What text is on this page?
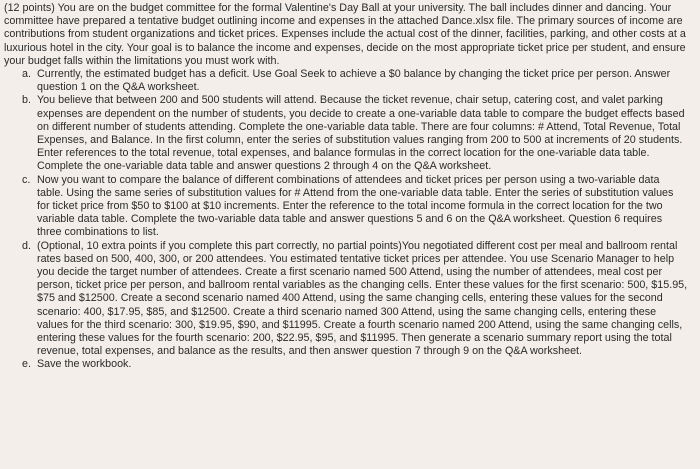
(12 points) You are on the budget committee for the formal Valentine's Day Ball at your university. The ball includes dinner and dancing. Your committee have prepared a tentative budget outlining income and expenses in the attached Dance.xlsx file. The primary sources of income are contributions from student organizations and ticket prices. Expenses include the actual cost of the dinner, facilities, parking, and other costs at a luxurious hotel in the city. Your goal is to balance the income and expenses, decide on the most appropriate ticket price per student, and ensure your budget falls within the limitations you must work with.

a. Currently, the estimated budget has a deficit. Use Goal Seek to achieve a $0 balance by changing the ticket price per person. Answer question 1 on the Q&A worksheet.
b. You believe that between 200 and 500 students will attend. Because the ticket revenue, chair setup, catering cost, and valet parking expenses are dependent on the number of students, you decide to create a one-variable data table to compare the budget effects based on different number of students attending. Complete the one-variable data table. There are four columns: # Attend, Total Revenue, Total Expenses, and Balance. In the first column, enter the series of substitution values ranging from 200 to 500 at increments of 20 students. Enter references to the total revenue, total expenses, and balance formulas in the correct location for the one-variable data table. Complete the one-variable data table and answer questions 2 through 4 on the Q&A worksheet.
c. Now you want to compare the balance of different combinations of attendees and ticket prices per person using a two-variable data table. Using the same series of substitution values for # Attend from the one-variable data table. Enter the series of substitution values for ticket price from $50 to $100 at $10 increments. Enter the reference to the total income formula in the correct location for the two variable data table. Complete the two-variable data table and answer questions 5 and 6 on the Q&A worksheet. Question 6 requires three combinations to list.
d. (Optional, 10 extra points if you complete this part correctly, no partial points)You negotiated different cost per meal and ballroom rental rates based on 500, 400, 300, or 200 attendees. You estimated tentative ticket prices per attendee. You use Scenario Manager to help you decide the target number of attendees. Create a first scenario named 500 Attend, using the number of attendees, meal cost per person, ticket price per person, and ballroom rental variables as the changing cells. Enter these values for the first scenario: 500, $15.95, $75 and $12500. Create a second scenario named 400 Attend, using the same changing cells, entering these values for the second scenario: 400, $17.95, $85, and $12500. Create a third scenario named 300 Attend, using the same changing cells, entering these values for the third scenario: 300, $19.95, $90, and $11995. Create a fourth scenario named 200 Attend, using the same changing cells, entering these values for the fourth scenario: 200, $22.95, $95, and $11995. Then generate a scenario summary report using the total revenue, total expenses, and balance as the results, and then answer question 7 through 9 on the Q&A worksheet.
e. Save the workbook.
